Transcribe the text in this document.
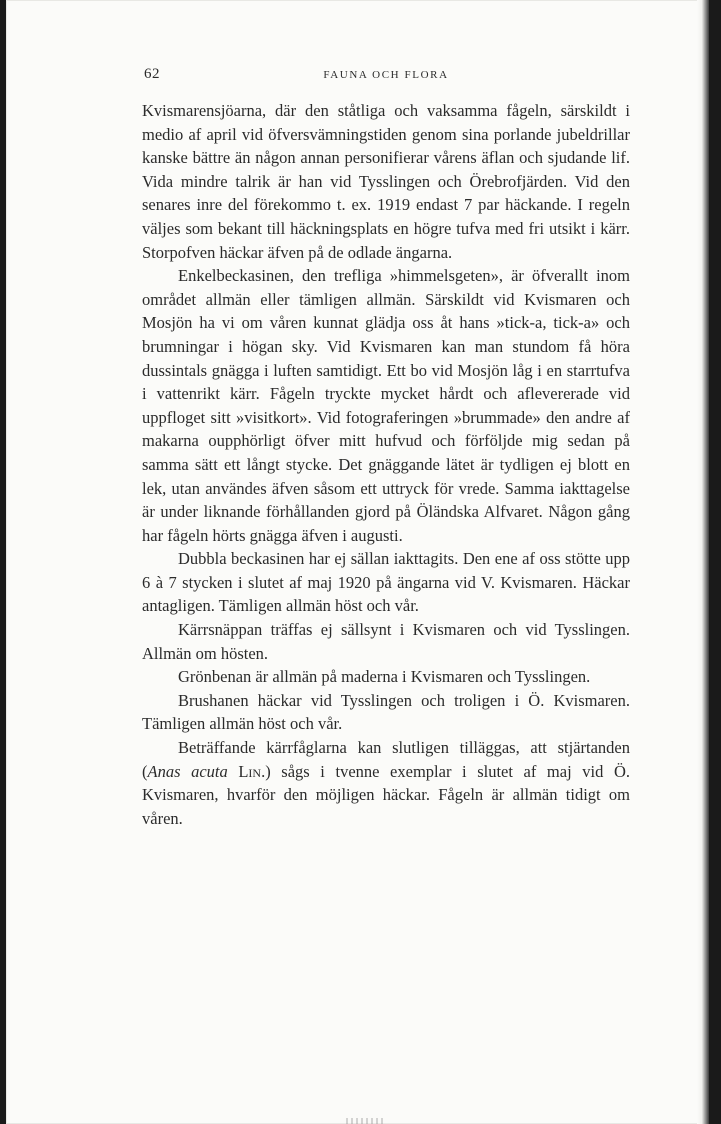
62	FAUNA OCH FLORA

Kvismarensjöarna, där den ståtliga och vaksamma fågeln, särskildt i medio af april vid öfversvämningstiden genom sina porlande jubeldrillar kanske bättre än någon annan personifierar vårens äflan och sjudande lif. Vida mindre talrik är han vid Tysslingen och Örebrofjärden. Vid den senares inre del förekommo t. ex. 1919 endast 7 par häckande. I regeln väljes som bekant till häckningsplats en högre tufva med fri utsikt i kärr. Storpofven häckar äfven på de odlade ängarna.

Enkelbeckasinen, den trefliga »himmelsgeten», är öfverallt inom området allmän eller tämligen allmän. Särskildt vid Kvismaren och Mosjön ha vi om våren kunnat glädja oss åt hans »tick-a, tick-a» och brumningar i högan sky. Vid Kvismaren kan man stundom få höra dussintals gnägga i luften samtidigt. Ett bo vid Mosjön låg i en starrtufva i vattenrikt kärr. Fågeln tryckte mycket hårdt och aflevererade vid uppfloget sitt »visitkort». Vid fotograferingen »brummade» den andre af makarna oupphörligt öfver mitt hufvud och förföljde mig sedan på samma sätt ett långt stycke. Det gnäggande lätet är tydligen ej blott en lek, utan användes äfven såsom ett uttryck för vrede. Samma iakttagelse är under liknande förhållanden gjord på Öländska Alfvaret. Någon gång har fågeln hörts gnägga äfven i augusti.

Dubbla beckasinen har ej sällan iakttagits. Den ene af oss stötte upp 6 à 7 stycken i slutet af maj 1920 på ängarna vid V. Kvismaren. Häckar antagligen. Tämligen allmän höst och vår.

Kärrsnäppan träffas ej sällsynt i Kvismaren och vid Tysslingen. Allmän om hösten.

Grönbenan är allmän på maderna i Kvismaren och Tysslingen.

Brushanen häckar vid Tysslingen och troligen i Ö. Kvismaren. Tämligen allmän höst och vår.

Beträffande kärrfåglarna kan slutligen tilläggas, att stjärtanden (Anas acuta Lin.) sågs i tvenne exemplar i slutet af maj vid Ö. Kvismaren, hvarför den möjligen häckar. Fågeln är allmän tidigt om våren.
